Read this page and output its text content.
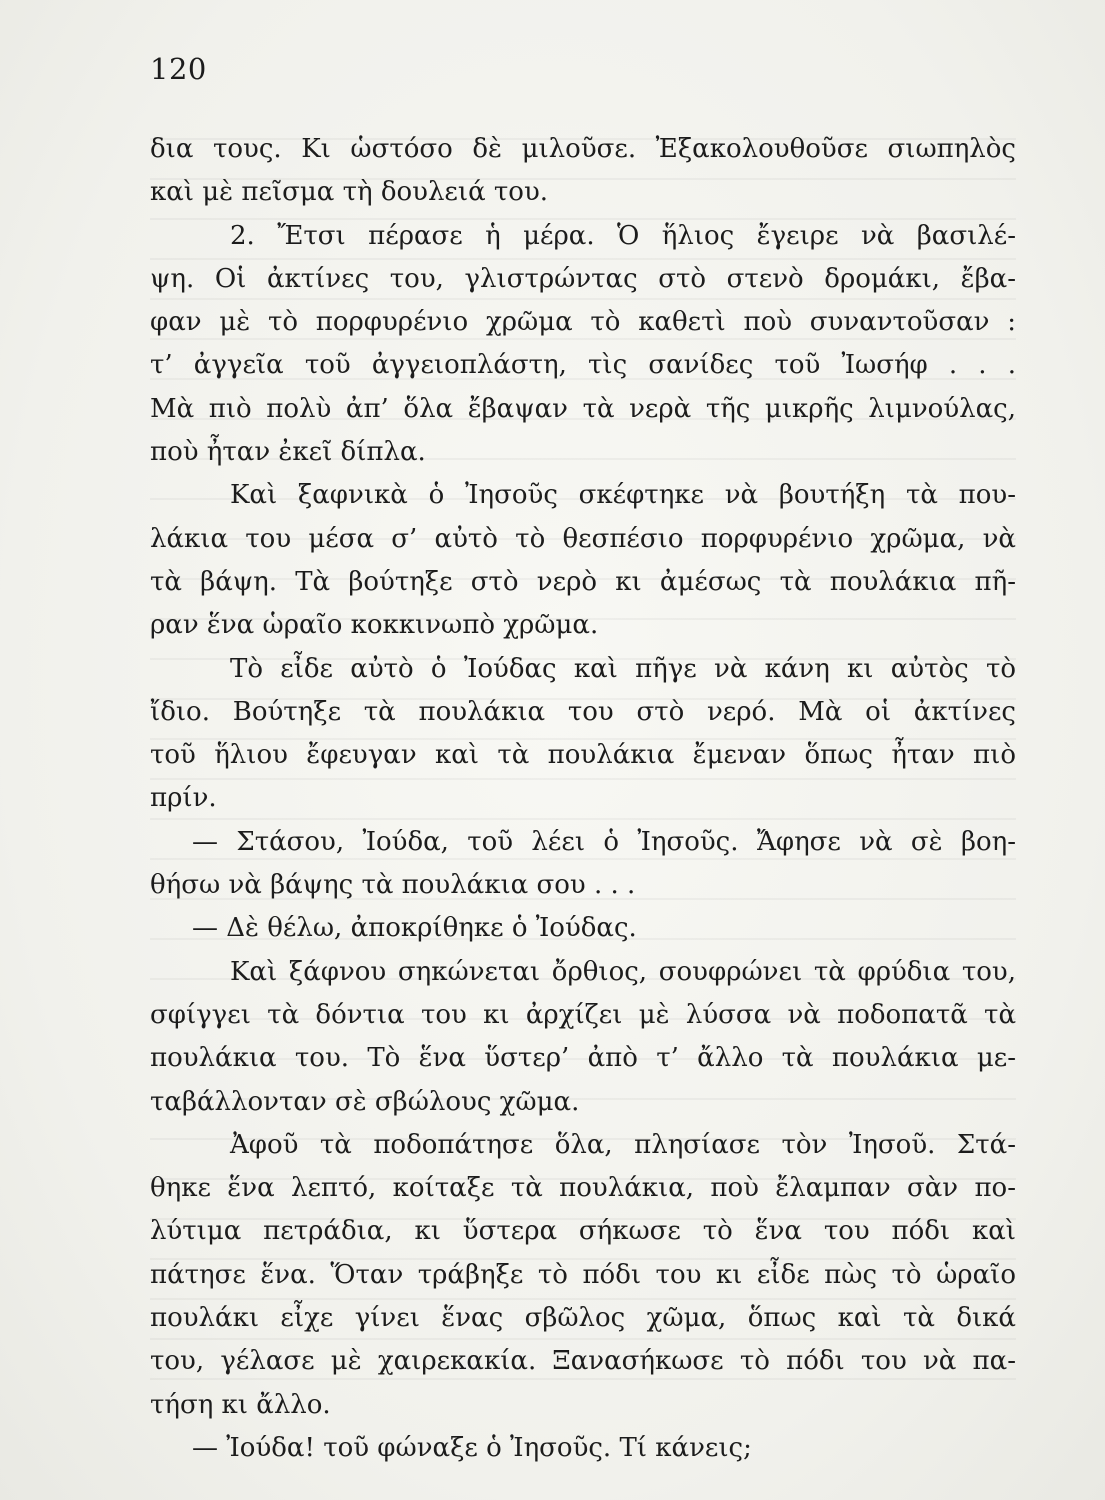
120
δια τους. Κι ὡστόσο δὲ μιλοῦσε. Ἐξακολουθοῦσε σιωπηλὸς
καὶ μὲ πεῖσμα τὴ δουλειά του.
2. Ἔτσι πέρασε ἡ μέρα. Ὁ ἥλιος ἔγειρε νὰ βασιλέ-
ψη. Οἱ ἀκτίνες του, γλιστρώντας στὸ στενὸ δρομάκι, ἔβα-
φαν μὲ τὸ πορφυρένιο χρῶμα τὸ καθετὶ ποὺ συναντοῦσαν :
τ’ ἀγγεῖα τοῦ ἀγγειοπλάστη, τὶς σανίδες τοῦ Ἰωσήφ . . .
Μὰ πιὸ πολὺ ἀπ’ ὅλα ἔβαψαν τὰ νερὰ τῆς μικρῆς λιμνούλας,
ποὺ ἦταν ἐκεῖ δίπλα.
Καὶ ξαφνικὰ ὁ Ἰησοῦς σκέφτηκε νὰ βουτήξη τὰ που-
λάκια του μέσα σ’ αὐτὸ τὸ θεσπέσιο πορφυρένιο χρῶμα, νὰ
τὰ βάψη. Τὰ βούτηξε στὸ νερὸ κι ἀμέσως τὰ πουλάκια πῆ-
ραν ἕνα ὡραῖο κοκκινωπὸ χρῶμα.
Τὸ εἶδε αὐτὸ ὁ Ἰούδας καὶ πῆγε νὰ κάνη κι αὐτὸς τὸ
ἴδιο. Βούτηξε τὰ πουλάκια του στὸ νερό. Μὰ οἱ ἀκτίνες
τοῦ ἥλιου ἔφευγαν καὶ τὰ πουλάκια ἔμεναν ὅπως ἦταν πιὸ
πρίν.
— Στάσου, Ἰούδα, τοῦ λέει ὁ Ἰησοῦς. Ἄφησε νὰ σὲ βοη-
θήσω νὰ βάψης τὰ πουλάκια σου . . .
— Δὲ θέλω, ἀποκρίθηκε ὁ Ἰούδας.
Καὶ ξάφνου σηκώνεται ὄρθιος, σουφρώνει τὰ φρύδια του,
σφίγγει τὰ δόντια του κι ἀρχίζει μὲ λύσσα νὰ ποδοπατᾶ τὰ
πουλάκια του. Τὸ ἕνα ὕστερ’ ἀπὸ τ’ ἄλλο τὰ πουλάκια με-
ταβάλλονταν σὲ σβώλους χῶμα.
Ἀφοῦ τὰ ποδοπάτησε ὅλα, πλησίασε τὸν Ἰησοῦ. Στά-
θηκε ἕνα λεπτό, κοίταξε τὰ πουλάκια, ποὺ ἔλαμπαν σὰν πο-
λύτιμα πετράδια, κι ὕστερα σήκωσε τὸ ἕνα του πόδι καὶ
πάτησε ἕνα. Ὅταν τράβηξε τὸ πόδι του κι εἶδε πὼς τὸ ὡραῖο
πουλάκι εἶχε γίνει ἕνας σβῶλος χῶμα, ὅπως καὶ τὰ δικά
του, γέλασε μὲ χαιρεκακία. Ξανασήκωσε τὸ πόδι του νὰ πα-
τήση κι ἄλλο.
— Ἰούδα! τοῦ φώναξε ὁ Ἰησοῦς. Τί κάνεις;
